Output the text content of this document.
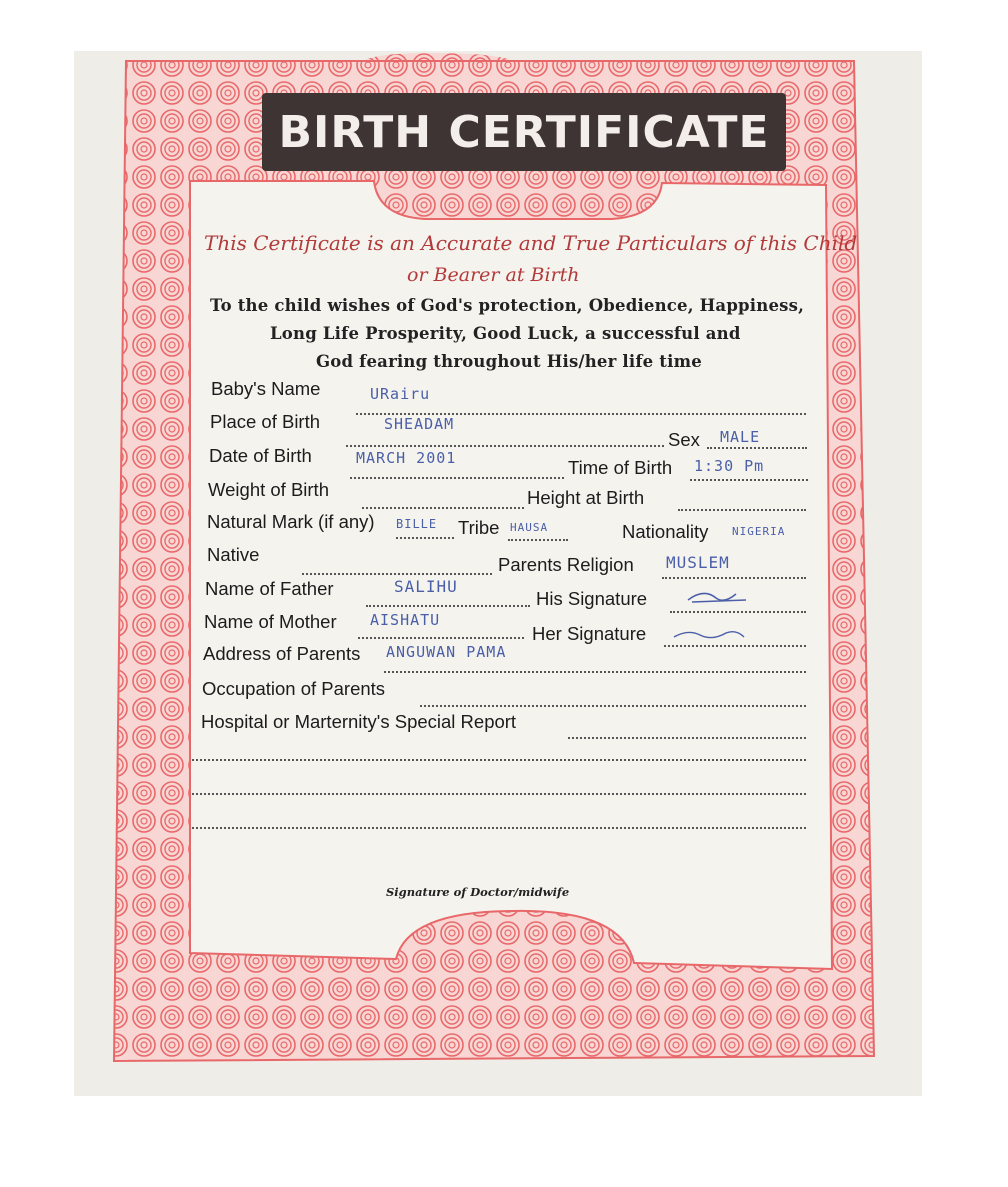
BIRTH CERTIFICATE
This Certificate is an Accurate and True Particulars of this Child
or Bearer at Birth
To the child wishes of God's protection, Obedience, Happiness,
Long Life Prosperity, Good Luck, a successful and
God fearing throughout His/her life time
Baby's Name	URairu
Place of Birth	SHEADAM
Sex MALE
Date of Birth	MARCH 2001	Time of Birth 1:30 Pm
Weight of Birth	Height at Birth
Natural Mark (if any) BILLE Tribe HAUSA	Nationality NIGERIA
Native	Parents Religion MUSLEM
Name of Father	SALIHU
His Signature
Name of Mother AISHATU
Her Signature
Address of Parents ANGUWAN PAMA
Occupation of Parents
Hospital or Marternity's Special Report
Signature of Doctor/midwife
